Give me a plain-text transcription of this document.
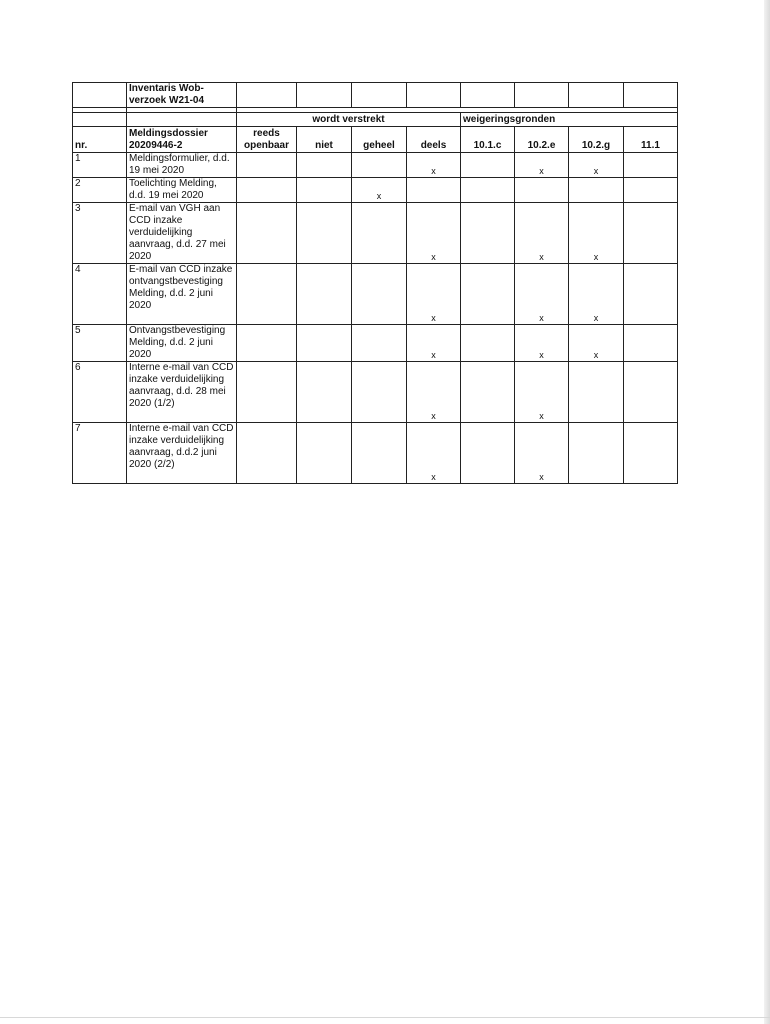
	Inventaris Wob-verzoek W21-04								

		wordt verstrekt				weigeringsgronden			
nr.	Meldingsdossier 20209446-2	reeds openbaar	niet	geheel	deels	10.1.c	10.2.e	10.2.g	11.1
1	Meldingsformulier, d.d. 19 mei 2020				x		x	x	
2	Toelichting Melding, d.d. 19 mei 2020			x					
3	E-mail van VGH aan CCD inzake verduidelijking aanvraag, d.d. 27 mei 2020				x		x	x	
4	E-mail van CCD inzake ontvangstbevestiging Melding, d.d. 2 juni 2020				x		x	x	
5	Ontvangstbevestiging Melding, d.d. 2 juni 2020				x		x	x	
6	Interne e-mail van CCD inzake verduidelijking aanvraag, d.d. 28 mei 2020 (1/2)				x		x		
7	Interne e-mail van CCD inzake verduidelijking aanvraag, d.d.2 juni 2020 (2/2)				x		x		
